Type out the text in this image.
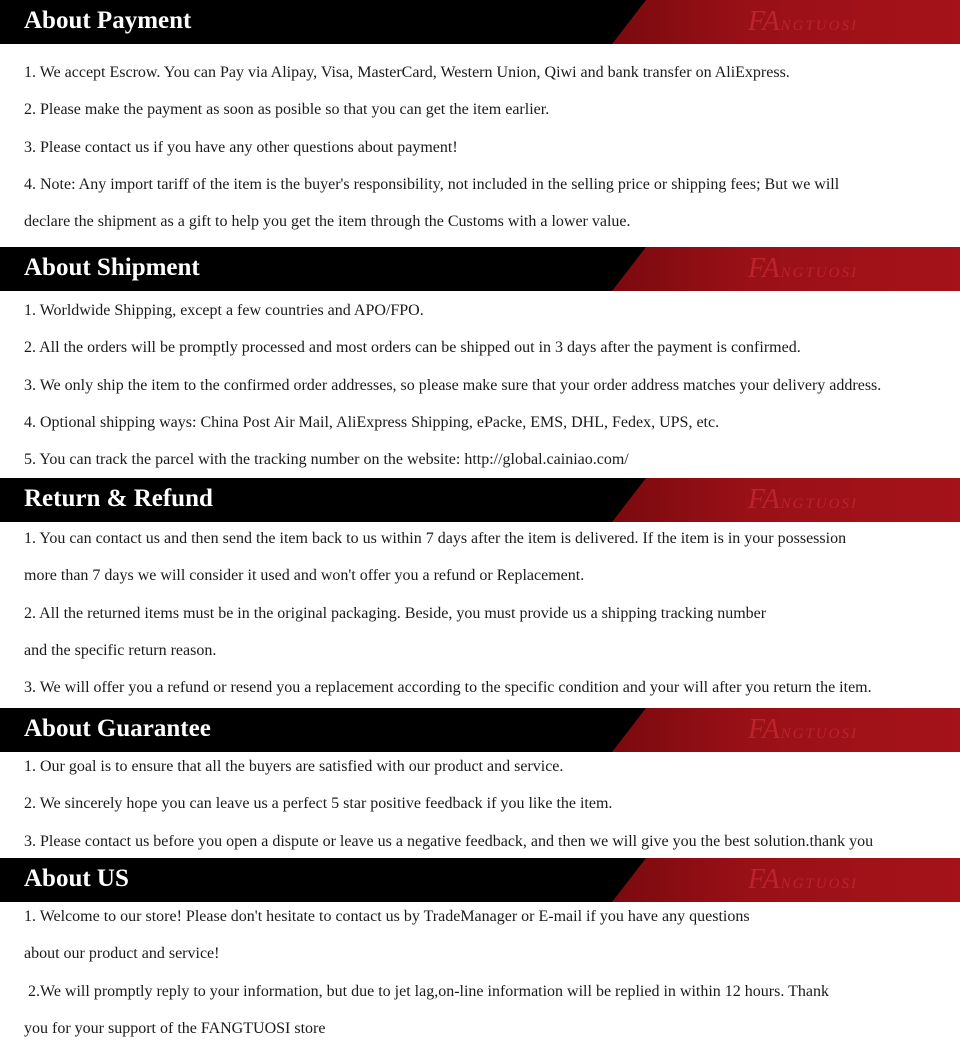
About Payment	FANGTUOSI
1. We accept Escrow. You can Pay via Alipay, Visa, MasterCard, Western Union, Qiwi and bank transfer on AliExpress.
2. Please make the payment as soon as posible so that you can get the item earlier.
3. Please contact us if you have any other questions about payment!
4. Note: Any import tariff of the item is the buyer's responsibility, not included in the selling price or shipping fees; But we will
declare the shipment as a gift to help you get the item through the Customs with a lower value.
About Shipment	FANGTUOSI
1. Worldwide Shipping, except a few countries and APO/FPO.
2. All the orders will be promptly processed and most orders can be shipped out in 3 days after the payment is confirmed.
3. We only ship the item to the confirmed order addresses, so please make sure that your order address matches your delivery address.
4. Optional shipping ways: China Post Air Mail, AliExpress Shipping, ePacke, EMS, DHL, Fedex, UPS, etc.
5. You can track the parcel with the tracking number on the website: http://global.cainiao.com/
Return & Refund	FANGTUOSI
1. You can contact us and then send the item back to us within 7 days after the item is delivered. If the item is in your possession
more than 7 days we will consider it used and won't offer you a refund or Replacement.
2. All the returned items must be in the original packaging. Beside, you must provide us a shipping tracking number
and the specific return reason.
3. We will offer you a refund or resend you a replacement according to the specific condition and your will after you return the item.
About Guarantee	FANGTUOSI
1. Our goal is to ensure that all the buyers are satisfied with our product and service.
2. We sincerely hope you can leave us a perfect 5 star positive feedback if you like the item.
3. Please contact us before you open a dispute or leave us a negative feedback, and then we will give you the best solution.thank you
About US	FANGTUOSI
1. Welcome to our store! Please don't hesitate to contact us by TradeManager or E-mail if you have any questions
about our product and service!
2.We will promptly reply to your information, but due to jet lag,on-line information will be replied in within 12 hours. Thank
you for your support of the FANGTUOSI store
